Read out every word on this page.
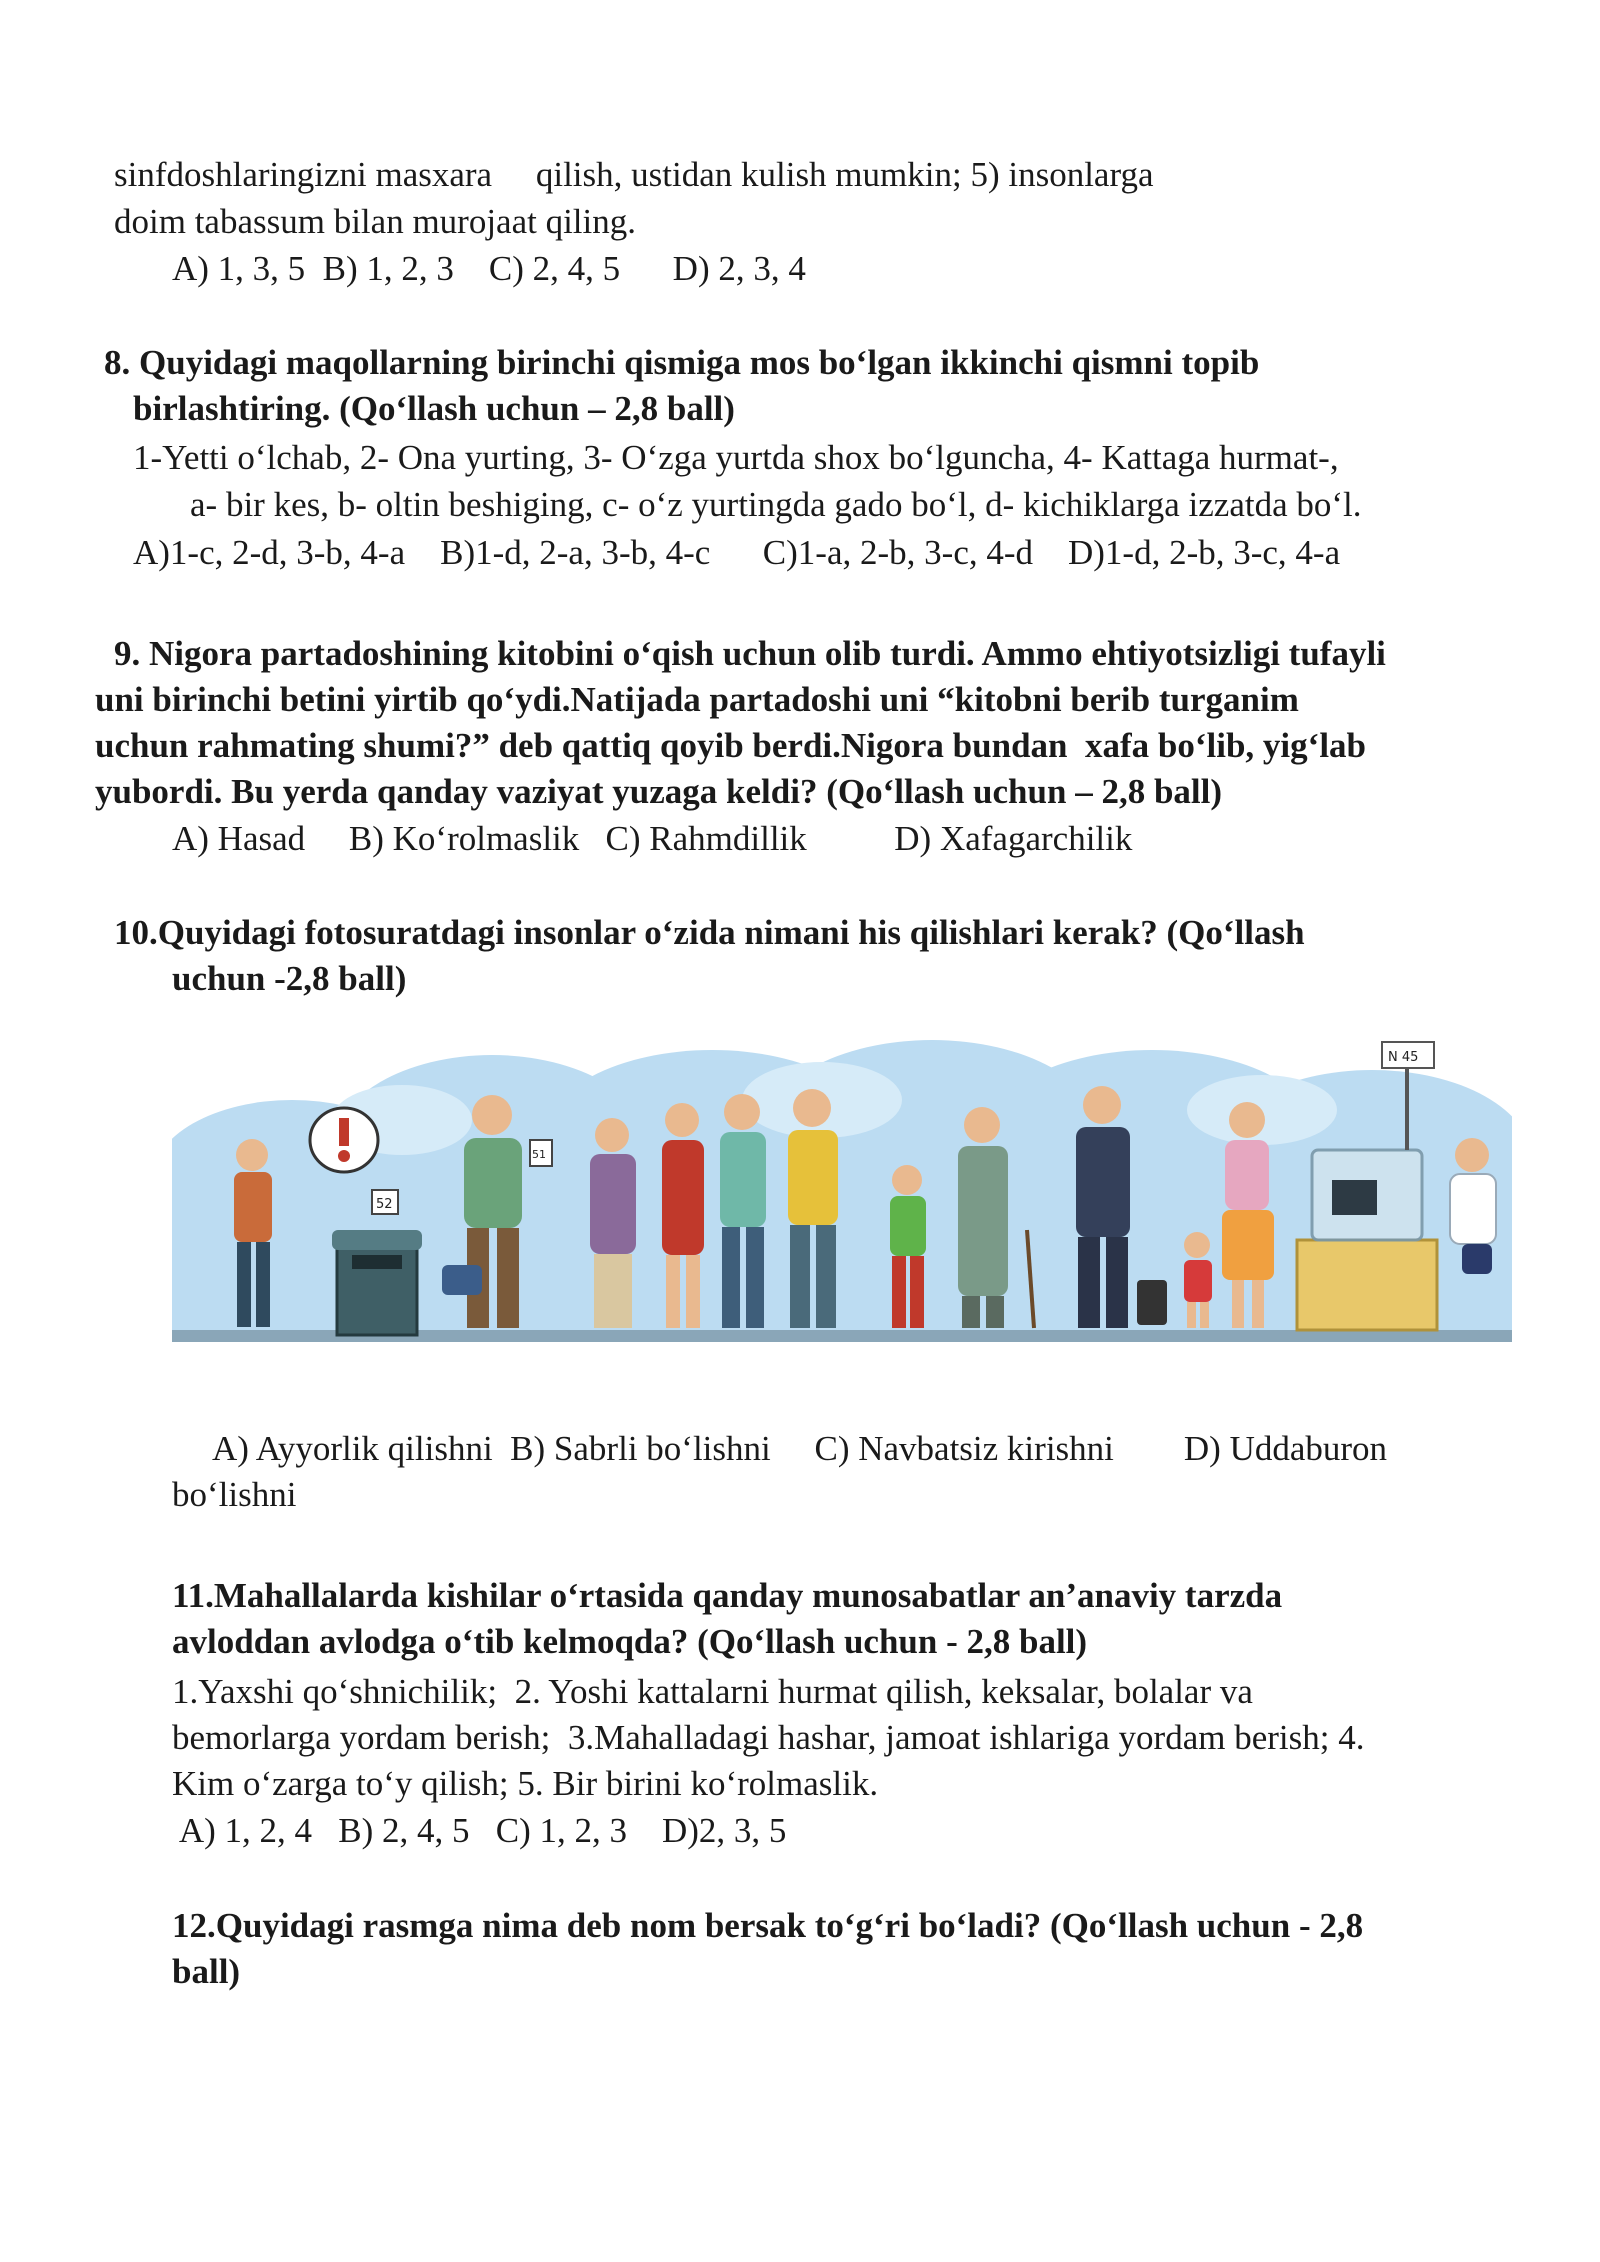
sinfdoshlaringizni masxara     qilish, ustidan kulish mumkin; 5) insonlarga
doim tabassum bilan murojaat qiling.
A) 1, 3, 5  B) 1, 2, 3    C) 2, 4, 5      D) 2, 3, 4
8. Quyidagi maqollarning birinchi qismiga mos bo‘lgan ikkinchi qismni topib
birlashtiring. (Qo‘llash uchun – 2,8 ball)
1-Yetti o‘lchab, 2- Ona yurting, 3- O‘zga yurtda shox bo‘lguncha, 4- Kattaga hurmat-,
a- bir kes, b- oltin beshiging, c- o‘z yurtingda gado bo‘l, d- kichiklarga izzatda bo‘l.
A)1-c, 2-d, 3-b, 4-a    B)1-d, 2-a, 3-b, 4-c      C)1-a, 2-b, 3-c, 4-d    D)1-d, 2-b, 3-c, 4-a
9. Nigora partadoshining kitobini o‘qish uchun olib turdi. Ammo ehtiyotsizligi tufayli
uni birinchi betini yirtib qo‘ydi.Natijada partadoshi uni “kitobni berib turganim
uchun rahmating shumi?” deb qattiq qoyib berdi.Nigora bundan  xafa bo‘lib, yig‘lab
yubordi. Bu yerda qanday vaziyat yuzaga keldi? (Qo‘llash uchun – 2,8 ball)
A) Hasad     B) Ko‘rolmaslik   C) Rahmdillik          D) Xafagarchilik
10.Quyidagi fotosuratdagi insonlar o‘zida nimani his qilishlari kerak? (Qo‘llash
uchun -2,8 ball)
52
51
N 45
A) Ayyorlik qilishni  B) Sabrli bo‘lishni     C) Navbatsiz kirishni        D) Uddaburon
bo‘lishni
11.Mahallalarda kishilar o‘rtasida qanday munosabatlar an’anaviy tarzda
avloddan avlodga o‘tib kelmoqda? (Qo‘llash uchun - 2,8 ball)
1.Yaxshi qo‘shnichilik;  2. Yoshi kattalarni hurmat qilish, keksalar, bolalar va
bemorlarga yordam berish;  3.Mahalladagi hashar, jamoat ishlariga yordam berish; 4.
Kim o‘zarga to‘y qilish; 5. Bir birini ko‘rolmaslik.
A) 1, 2, 4   B) 2, 4, 5   C) 1, 2, 3    D)2, 3, 5
12.Quyidagi rasmga nima deb nom bersak to‘g‘ri bo‘ladi? (Qo‘llash uchun - 2,8
ball)
